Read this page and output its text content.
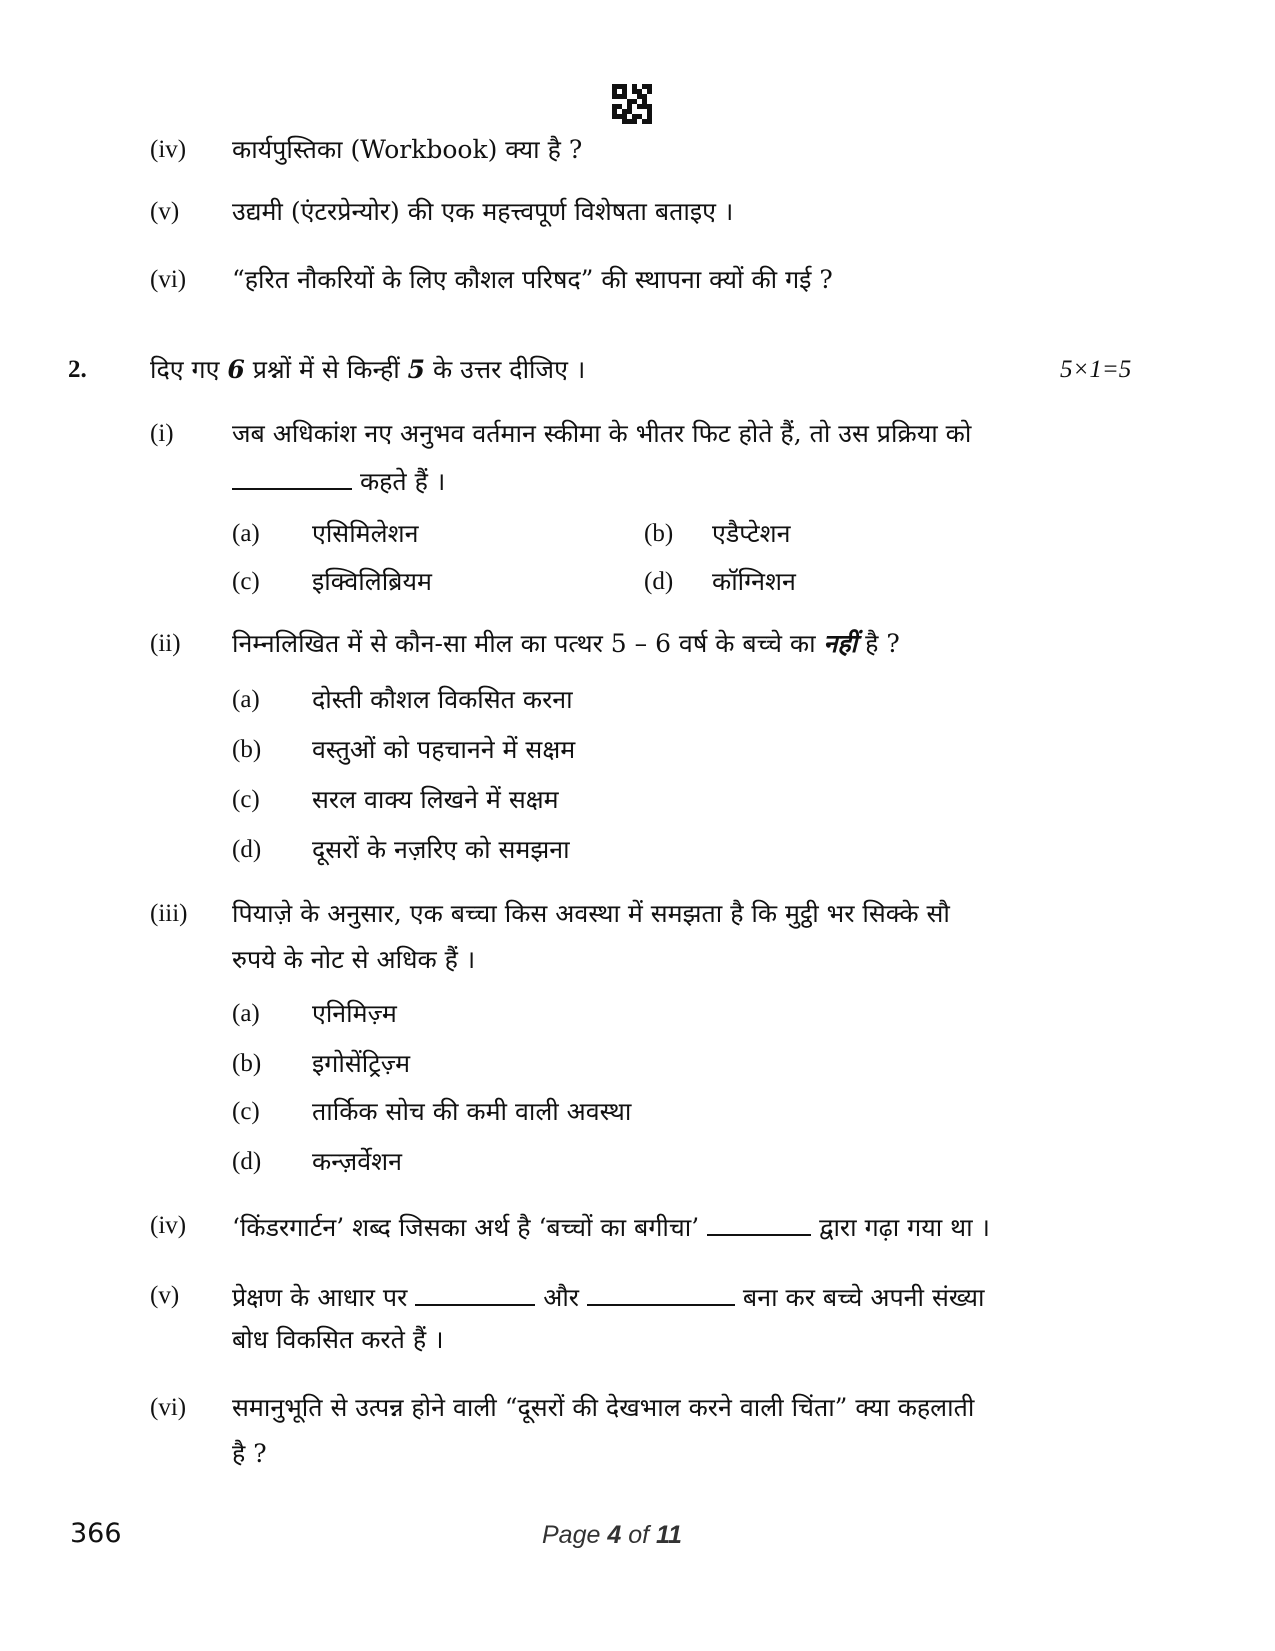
(iv) कार्यपुस्तिका (Workbook) क्या है ?
(v) उद्यमी (एंटरप्रेन्योर) की एक महत्त्वपूर्ण विशेषता बताइए ।
(vi) “हरित नौकरियों के लिए कौशल परिषद” की स्थापना क्यों की गई ?
2.	दिए गए 6 प्रश्नों में से किन्हीं 5 के उत्तर दीजिए ।	5×1=5
(i) जब अधिकांश नए अनुभव वर्तमान स्कीमा के भीतर फिट होते हैं, तो उस प्रक्रिया को
कहते हैं ।
(a) एसिमिलेशन	(b) एडैप्टेशन
(c) इक्विलिब्रियम	(d) कॉग्निशन
(ii) निम्नलिखित में से कौन-सा मील का पत्थर 5 – 6 वर्ष के बच्चे का नहीं है ?
(a) दोस्ती कौशल विकसित करना
(b) वस्तुओं को पहचानने में सक्षम
(c) सरल वाक्य लिखने में सक्षम
(d) दूसरों के नज़रिए को समझना
(iii) पियाज़े के अनुसार, एक बच्चा किस अवस्था में समझता है कि मुट्ठी भर सिक्के सौ
रुपये के नोट से अधिक हैं ।
(a) एनिमिज़्म
(b) इगोसेंट्रिज़्म
(c) तार्किक सोच की कमी वाली अवस्था
(d) कन्ज़र्वेशन
(iv) ‘किंडरगार्टन’ शब्द जिसका अर्थ है ‘बच्चों का बगीचा’	द्वारा गढ़ा गया था ।
(v) प्रेक्षण के आधार पर	और	बना कर बच्चे अपनी संख्या
बोध विकसित करते हैं ।
(vi) समानुभूति से उत्पन्न होने वाली “दूसरों की देखभाल करने वाली चिंता” क्या कहलाती
है ?
366	Page 4 of 11
